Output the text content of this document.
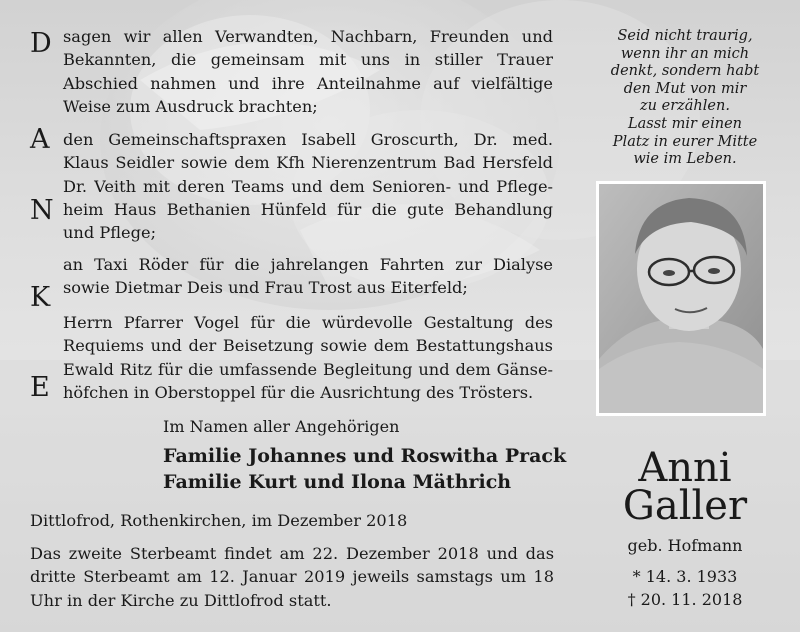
D
A
N
K
E
sagen wir allen Verwandten, Nachbarn, Freunden und Bekannten, die gemeinsam mit uns in stiller Trauer Abschied nahmen und ihre Anteilnahme auf vielfältige Weise zum Ausdruck brachten;
den Gemeinschaftspraxen Isabell Groscurth, Dr. med. Klaus Seidler sowie dem Kfh Nierenzentrum Bad Hersfeld Dr. Veith mit deren Teams und dem Senioren- und Pflege-heim Haus Bethanien Hünfeld für die gute Behandlung und Pflege;
an Taxi Röder für die jahrelangen Fahrten zur Dialyse sowie Dietmar Deis und Frau Trost aus Eiterfeld;
Herrn Pfarrer Vogel für die würdevolle Gestaltung des Requiems und der Beisetzung sowie dem Bestattungshaus Ewald Ritz für die umfassende Begleitung und dem Gänse-höfchen in Oberstoppel für die Ausrichtung des Trösters.
Im Namen aller Angehörigen
Familie Johannes und Roswitha Prack
Familie Kurt und Ilona Mäthrich
Dittlofrod, Rothenkirchen, im Dezember 2018
Das zweite Sterbeamt findet am 22. Dezember 2018 und das dritte Sterbeamt am 12. Januar 2019 jeweils samstags um 18 Uhr in der Kirche zu Dittlofrod statt.
Seid nicht traurig,
wenn ihr an mich
denkt, sondern habt
den Mut von mir
zu erzählen.
Lasst mir einen
Platz in eurer Mitte
wie im Leben.
Anni
Galler
geb. Hofmann
* 14. 3. 1933
† 20. 11. 2018
